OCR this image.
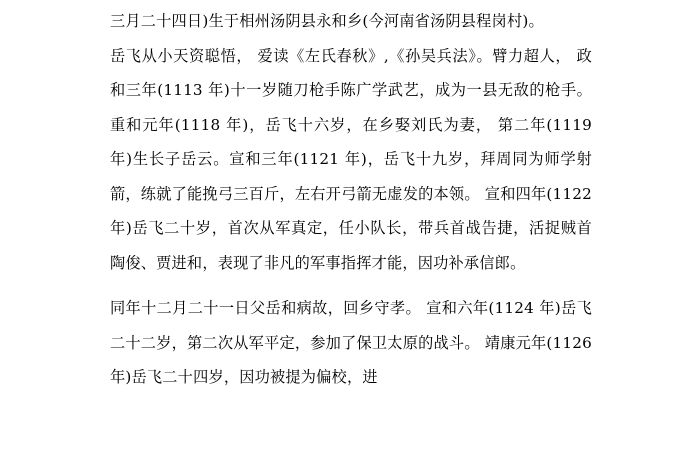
三月二十四日)生于相州汤阴县永和乡(今河南省汤阴县程岗村)。

岳飞从小天资聪悟， 爱读《左氏春秋》,《孙吴兵法》。臂力超人， 政和三年(1113 年)十一岁随刀枪手陈广学武艺，成为一县无敌的枪手。重和元年(1118 年)，岳飞十六岁，在乡娶刘氏为妻， 第二年(1119 年)生长子岳云。宣和三年(1121 年)，岳飞十九岁，拜周同为师学射箭，练就了能挽弓三百斤，左右开弓箭无虚发的本领。 宣和四年(1122 年)岳飞二十岁，首次从军真定，任小队长，带兵首战告捷，活捉贼首陶俊、贾进和，表现了非凡的军事指挥才能，因功补承信郎。

同年十二月二十一日父岳和病故，回乡守孝。 宣和六年(1124 年)岳飞二十二岁，第二次从军平定，参加了保卫太原的战斗。 靖康元年(1126 年)岳飞二十四岁，因功被提为偏校，进
